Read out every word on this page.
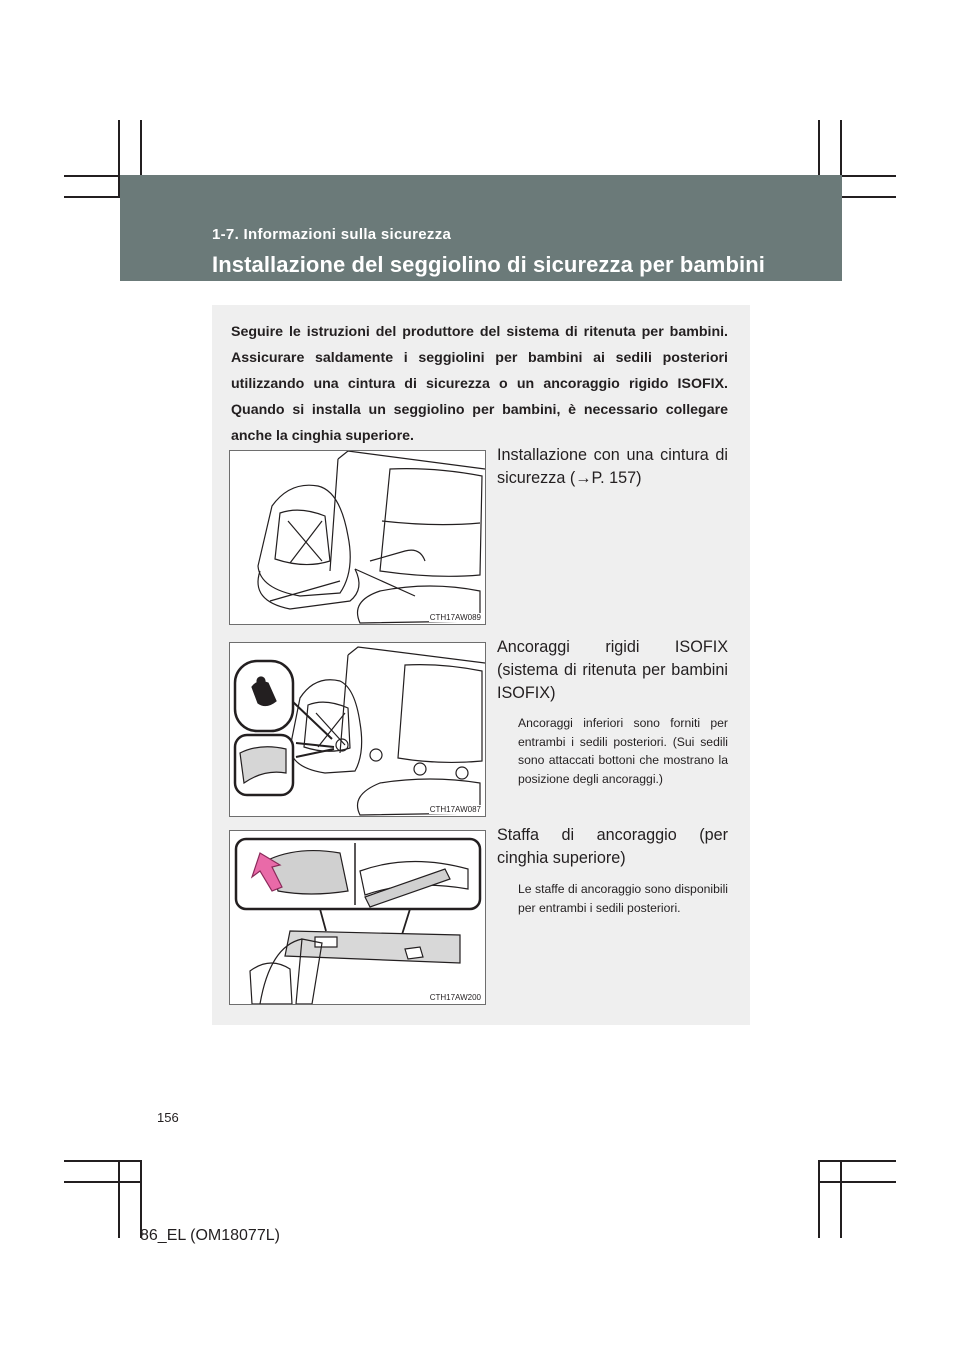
1-7. Informazioni sulla sicurezza
Installazione del seggiolino di sicurezza per bambini
Seguire le istruzioni del produttore del sistema di ritenuta per bambini. Assicurare saldamente i seggiolini per bambini ai sedili posteriori utilizzando una cintura di sicurezza o un ancoraggio rigido ISOFIX. Quando si installa un seggiolino per bambini, è necessario collegare anche la cinghia superiore.
CTH17AW089
Installazione con una cintura di sicurezza (→P. 157)
CTH17AW087
Ancoraggi rigidi ISOFIX (sistema di ritenuta per bambini ISOFIX)
Ancoraggi inferiori sono forniti per entrambi i sedili posteriori. (Sui sedili sono attaccati bottoni che mostrano la posizione degli ancoraggi.)
CTH17AW200
Staffa di ancoraggio (per cinghia superiore)
Le staffe di ancoraggio sono disponibili per entrambi i sedili posteriori.
156
86_EL (OM18077L)
